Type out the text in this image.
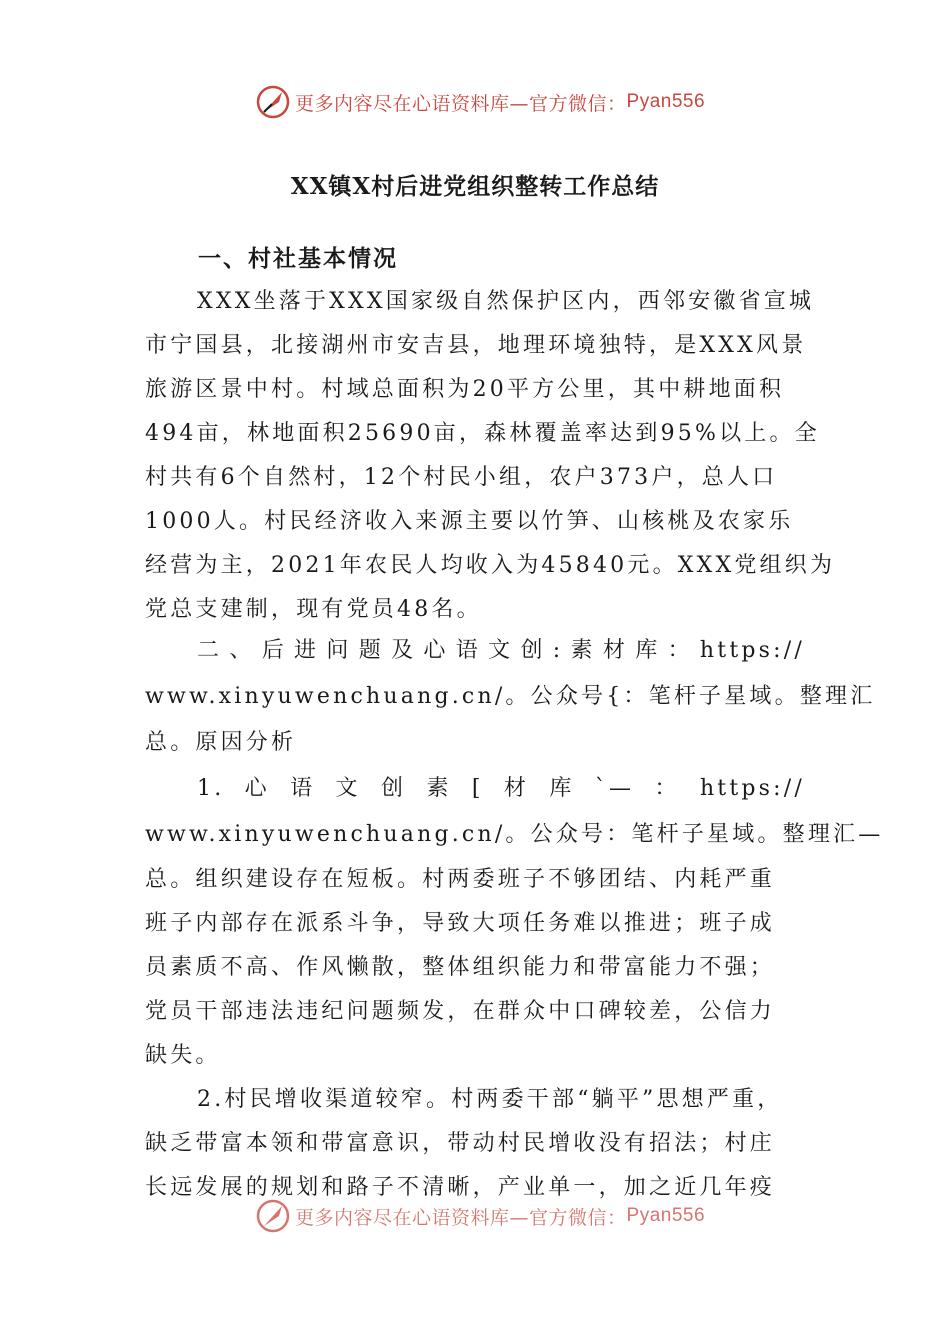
更多内容尽在心语资料库—官方微信： Pyan556
XX镇X村后进党组织整转工作总结
一、村社基本情况
XXX坐落于XXX国家级自然保护区内，西邻安徽省宣城
市宁国县，北接湖州市安吉县，地理环境独特，是XXX风景
旅游区景中村。村域总面积为20平方公里，其中耕地面积
494亩，林地面积25690亩，森林覆盖率达到95%以上。全
村共有6个自然村，12个村民小组，农户373户，总人口
1000人。村民经济收入来源主要以竹笋、山核桃及农家乐
经营为主，2021年农民人均收入为45840元。XXX党组织为
党总支建制，现有党员48名。
二、后进问题及心语文创:素材库：https://
www.xinyuwenchuang.cn/。公众号{：笔杆子星域。整理汇
总。原因分析
1.心语文创素[材库`—：https://
www.xinyuwenchuang.cn/。公众号：笔杆子星域。整理汇—
总。组织建设存在短板。村两委班子不够团结、内耗严重
班子内部存在派系斗争，导致大项任务难以推进；班子成
员素质不高、作风懒散，整体组织能力和带富能力不强；
党员干部违法违纪问题频发，在群众中口碑较差，公信力
缺失。
2.村民增收渠道较窄。村两委干部“躺平”思想严重，
缺乏带富本领和带富意识，带动村民增收没有招法；村庄
长远发展的规划和路子不清晰，产业单一，加之近几年疫
更多内容尽在心语资料库—官方微信： Pyan556
